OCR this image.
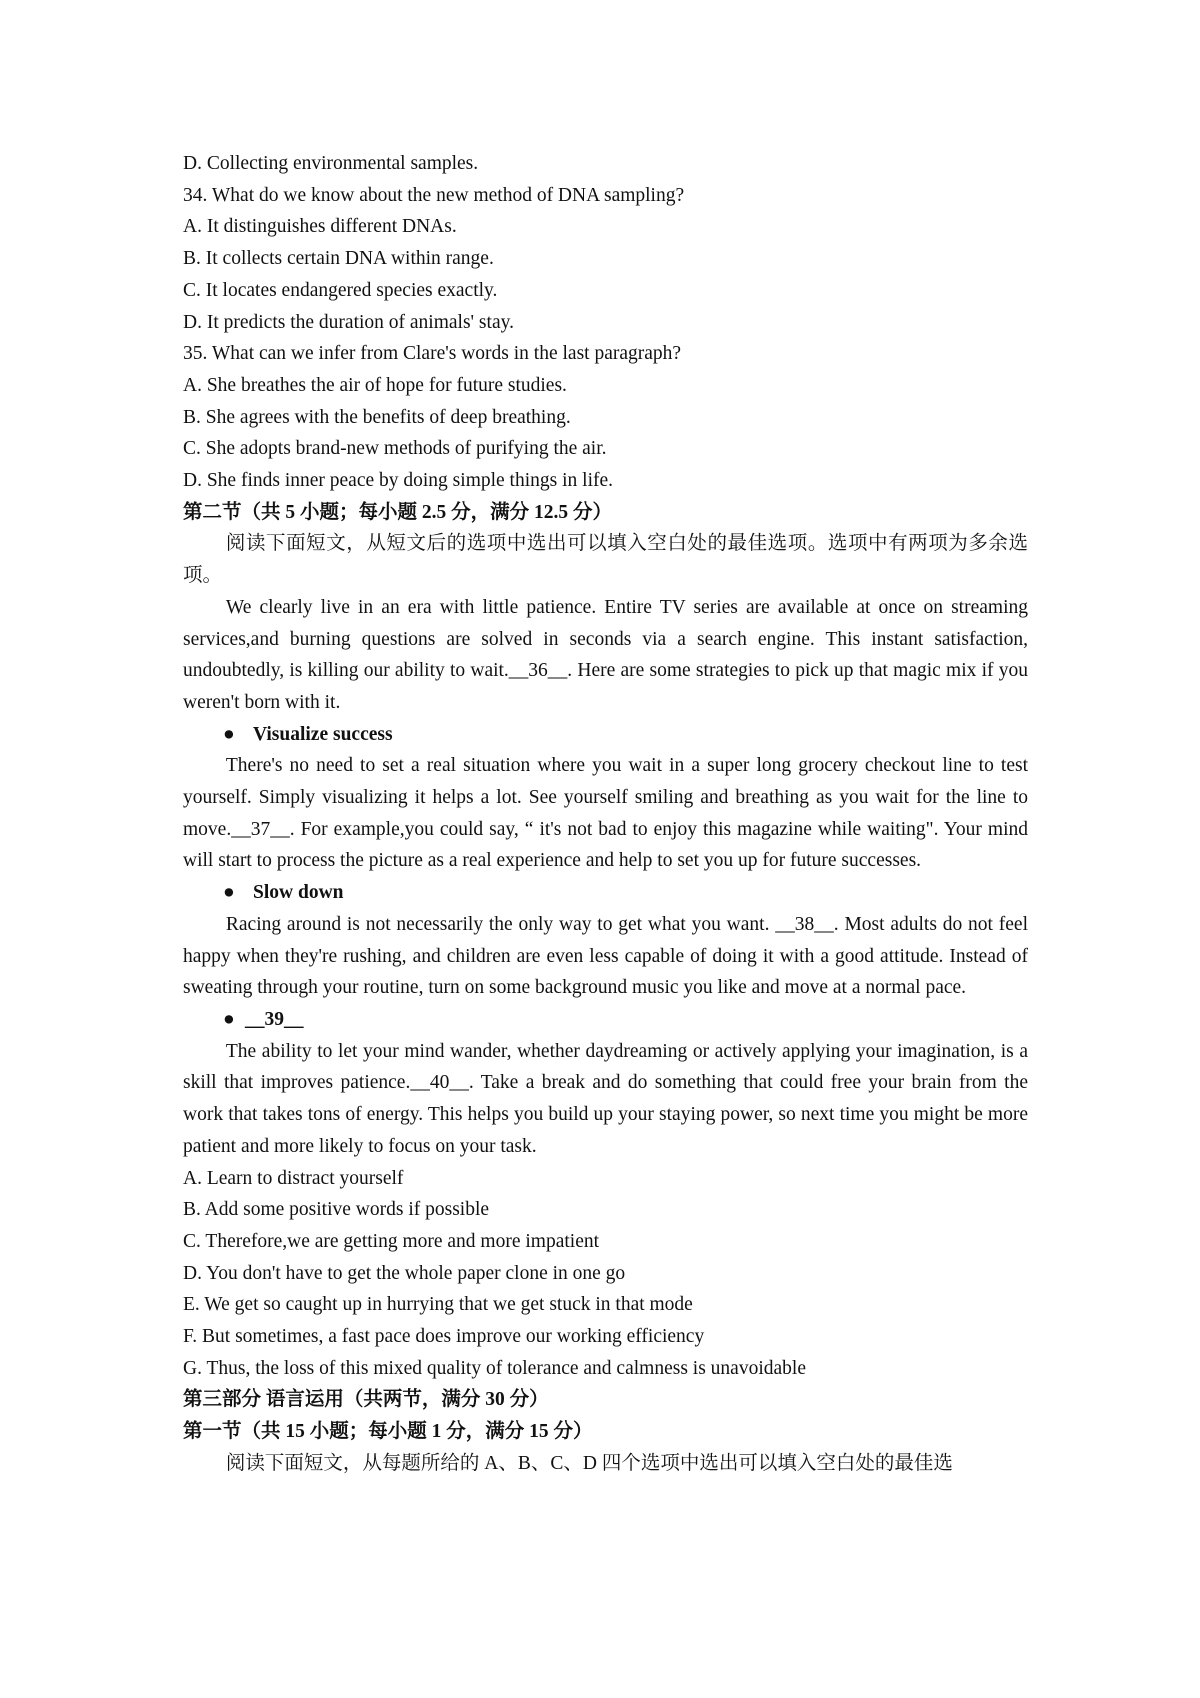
D. Collecting environmental samples.
34. What do we know about the new method of DNA sampling?
A. It distinguishes different DNAs.
B. It collects certain DNA within range.
C. It locates endangered species exactly.
D. It predicts the duration of animals' stay.
35. What can we infer from Clare's words in the last paragraph?
A. She breathes the air of hope for future studies.
B. She agrees with the benefits of deep breathing.
C. She adopts brand-new methods of purifying the air.
D. She finds inner peace by doing simple things in life.
第二节（共 5 小题；每小题 2.5 分，满分 12.5 分）

阅读下面短文，从短文后的选项中选出可以填入空白处的最佳选项。选项中有两项为多余选项。

We clearly live in an era with little patience. Entire TV series are available at once on streaming services,and burning questions are solved in seconds via a search engine. This instant satisfaction, undoubtedly, is killing our ability to wait.__36__. Here are some strategies to pick up that magic mix if you weren't born with it.

● Visualize success

There's no need to set a real situation where you wait in a super long grocery checkout line to test yourself. Simply visualizing it helps a lot. See yourself smiling and breathing as you wait for the line to move.__37__. For example,you could say, “ it's not bad to enjoy this magazine while waiting". Your mind will start to process the picture as a real experience and help to set you up for future successes.

● Slow down

Racing around is not necessarily the only way to get what you want. __38__. Most adults do not feel happy when they're rushing, and children are even less capable of doing it with a good attitude. Instead of sweating through your routine, turn on some background music you like and move at a normal pace.

● __39__

The ability to let your mind wander, whether daydreaming or actively applying your imagination, is a skill that improves patience.__40__. Take a break and do something that could free your brain from the work that takes tons of energy. This helps you build up your staying power, so next time you might be more patient and more likely to focus on your task.

A. Learn to distract yourself
B. Add some positive words if possible
C. Therefore,we are getting more and more impatient
D. You don't have to get the whole paper clone in one go
E. We get so caught up in hurrying that we get stuck in that mode
F. But sometimes, a fast pace does improve our working efficiency
G. Thus, the loss of this mixed quality of tolerance and calmness is unavoidable
第三部分 语言运用（共两节，满分 30 分）
第一节（共 15 小题；每小题 1 分，满分 15 分）
阅读下面短文，从每题所给的 A、B、C、D 四个选项中选出可以填入空白处的最佳选
